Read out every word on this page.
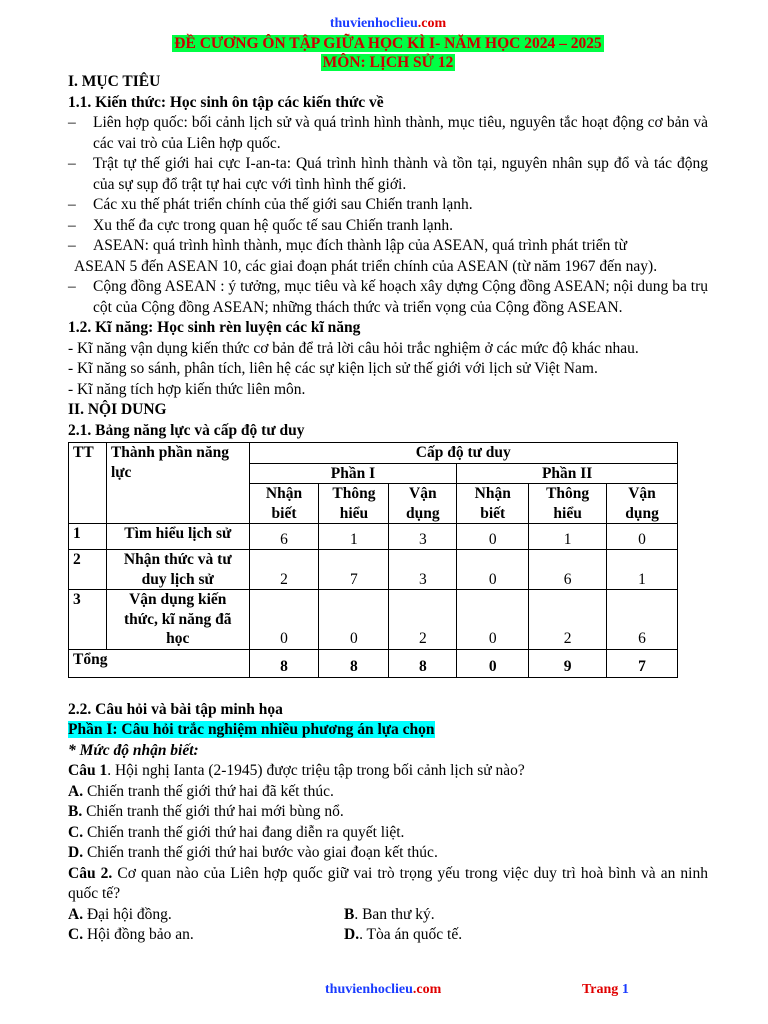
thuvienhoclieu.com
ĐỀ CƯƠNG ÔN TẬP GIỮA HỌC KÌ I- NĂM HỌC 2024 – 2025
MÔN: LỊCH SỬ 12
I. MỤC TIÊU
1.1. Kiến thức: Học sinh ôn tập các kiến thức về
–	Liên hợp quốc: bối cảnh lịch sử và quá trình hình thành, mục tiêu, nguyên tắc hoạt động cơ bản và các vai trò của Liên hợp quốc.
–	Trật tự thế giới hai cực I-an-ta: Quá trình hình thành và tồn tại, nguyên nhân sụp đổ và tác động của sự sụp đổ trật tự hai cực với tình hình thế giới.
–	Các xu thế phát triển chính của thế giới sau Chiến tranh lạnh.
–	Xu thế đa cực trong quan hệ quốc tế sau Chiến tranh lạnh.
–	ASEAN: quá trình hình thành, mục đích thành lập của ASEAN, quá trình phát triển từ
ASEAN 5 đến ASEAN 10, các giai đoạn phát triển chính của ASEAN (từ năm 1967 đến nay).
–	Cộng đồng ASEAN : ý tưởng, mục tiêu và kế hoạch xây dựng Cộng đồng ASEAN; nội dung ba trụ cột của Cộng đồng ASEAN; những thách thức và triển vọng của Cộng đồng ASEAN.
1.2. Kĩ năng: Học sinh rèn luyện các kĩ năng
- Kĩ năng vận dụng kiến thức cơ bản để trả lời câu hỏi trắc nghiệm ở các mức độ khác nhau.
- Kĩ năng so sánh, phân tích, liên hệ các sự kiện lịch sử thế giới với lịch sử Việt Nam.
- Kĩ năng tích hợp kiến thức liên môn.
II. NỘI DUNG
2.1. Bảng năng lực và cấp độ tư duy
TT	Thành phần năng lực	Cấp độ tư duy					
		Phần I			Phần II		
		Nhận biết	Thông hiểu	Vận dụng	Nhận biết	Thông hiểu	Vận dụng
1	Tìm hiểu lịch sử	6	1	3	0	1	0
2	Nhận thức và tư duy lịch sử	2	7	3	0	6	1
3	Vận dụng kiến thức, kĩ năng đã học	0	0	2	0	2	6
Tổng		8	8	8	0	9	7
2.2. Câu hỏi và bài tập minh họa
Phần I: Câu hỏi trắc nghiệm nhiều phương án lựa chọn
* Mức độ nhận biết:
Câu 1. Hội nghị Ianta (2-1945) được triệu tập trong bối cảnh lịch sử nào?
A. Chiến tranh thế giới thứ hai đã kết thúc.
B. Chiến tranh thế giới thứ hai mới bùng nổ.
C. Chiến tranh thế giới thứ hai đang diễn ra quyết liệt.
D. Chiến tranh thế giới thứ hai bước vào giai đoạn kết thúc.
Câu 2. Cơ quan nào của Liên hợp quốc giữ vai trò trọng yếu trong việc duy trì hoà bình và an ninh quốc tế?
A. Đại hội đồng.	B. Ban thư ký.
C. Hội đồng bảo an.	D.. Tòa án quốc tế.
thuvienhoclieu.com	Trang 1
